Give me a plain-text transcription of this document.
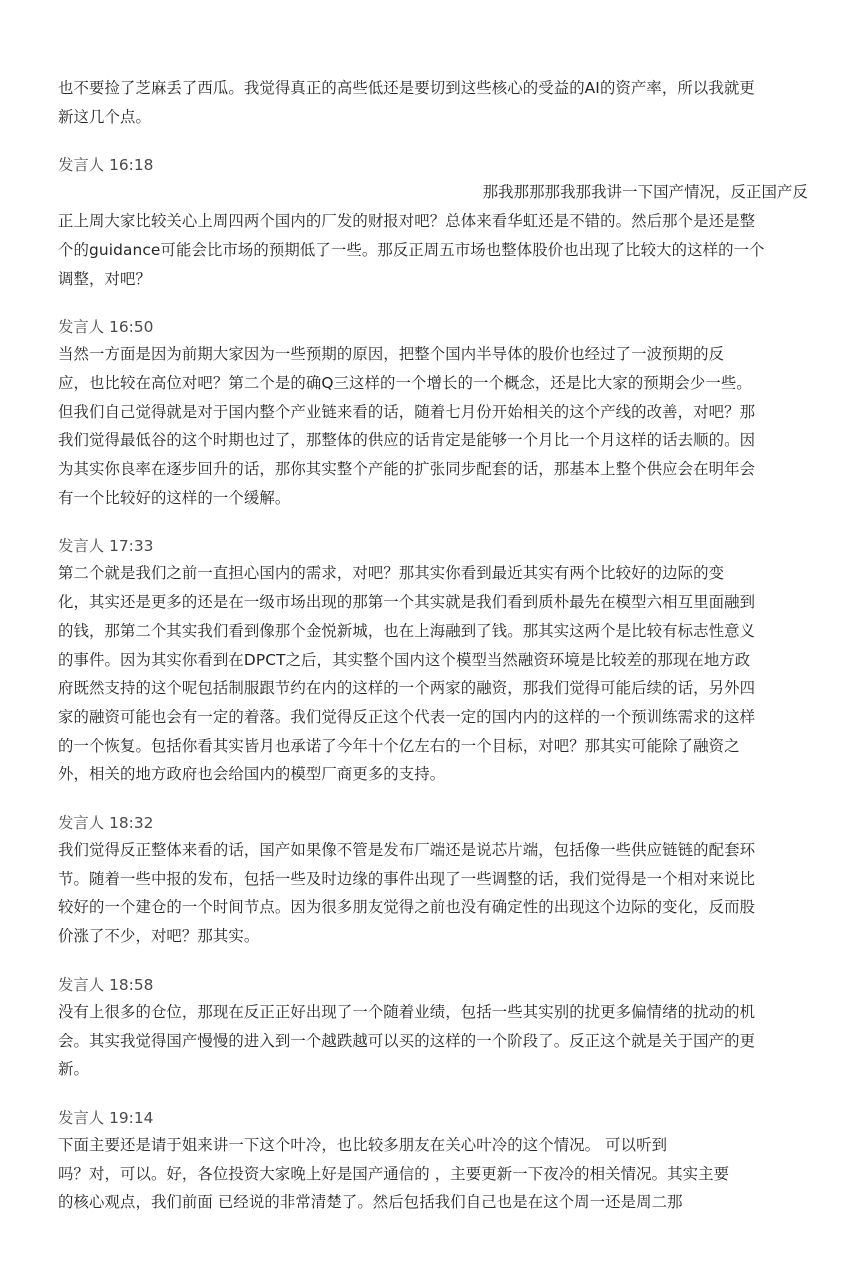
也不要捡了芝麻丢了西瓜。我觉得真正的高些低还是要切到这些核心的受益的AI的资产率，所以我就更
新这几个点。
发言人 16:18
那我那那那我那我讲一下国产情况，反正国产反
正上周大家比较关心上周四两个国内的厂发的财报对吧？总体来看华虹还是不错的。然后那个是还是整
个的guidance可能会比市场的预期低了一些。那反正周五市场也整体股价也出现了比较大的这样的一个
调整，对吧？
发言人 16:50
当然一方面是因为前期大家因为一些预期的原因，把整个国内半导体的股价也经过了一波预期的反
应，也比较在高位对吧？第二个是的确Q三这样的一个增长的一个概念，还是比大家的预期会少一些。
但我们自己觉得就是对于国内整个产业链来看的话，随着七月份开始相关的这个产线的改善，对吧？那
我们觉得最低谷的这个时期也过了，那整体的供应的话肯定是能够一个月比一个月这样的话去顺的。因
为其实你良率在逐步回升的话，那你其实整个产能的扩张同步配套的话，那基本上整个供应会在明年会
有一个比较好的这样的一个缓解。
发言人 17:33
第二个就是我们之前一直担心国内的需求，对吧？那其实你看到最近其实有两个比较好的边际的变
化，其实还是更多的还是在一级市场出现的那第一个其实就是我们看到质朴最先在模型六相互里面融到
的钱，那第二个其实我们看到像那个金悦新城，也在上海融到了钱。那其实这两个是比较有标志性意义
的事件。因为其实你看到在DPCT之后，其实整个国内这个模型当然融资环境是比较差的那现在地方政
府既然支持的这个呢包括制服跟节约在内的这样的一个两家的融资，那我们觉得可能后续的话，另外四
家的融资可能也会有一定的着落。我们觉得反正这个代表一定的国内内的这样的一个预训练需求的这样
的一个恢复。包括你看其实皆月也承诺了今年十个亿左右的一个目标，对吧？那其实可能除了融资之
外，相关的地方政府也会给国内的模型厂商更多的支持。
发言人 18:32
我们觉得反正整体来看的话，国产如果像不管是发布厂端还是说芯片端，包括像一些供应链链的配套环
节。随着一些中报的发布，包括一些及时边缘的事件出现了一些调整的话，我们觉得是一个相对来说比
较好的一个建仓的一个时间节点。因为很多朋友觉得之前也没有确定性的出现这个边际的变化，反而股
价涨了不少，对吧？那其实。
发言人 18:58
没有上很多的仓位，那现在反正正好出现了一个随着业绩，包括一些其实别的扰更多偏情绪的扰动的机
会。其实我觉得国产慢慢的进入到一个越跌越可以买的这样的一个阶段了。反正这个就是关于国产的更
新。
发言人 19:14
下面主要还是请于姐来讲一下这个叶冷，也比较多朋友在关心叶冷的这个情况。 可以听到
吗？对，可以。好，各位投资大家晚上好是国产通信的 ，主要更新一下夜冷的相关情况。其实主要
的核心观点，我们前面 已经说的非常清楚了。然后包括我们自己也是在这个周一还是周二那
